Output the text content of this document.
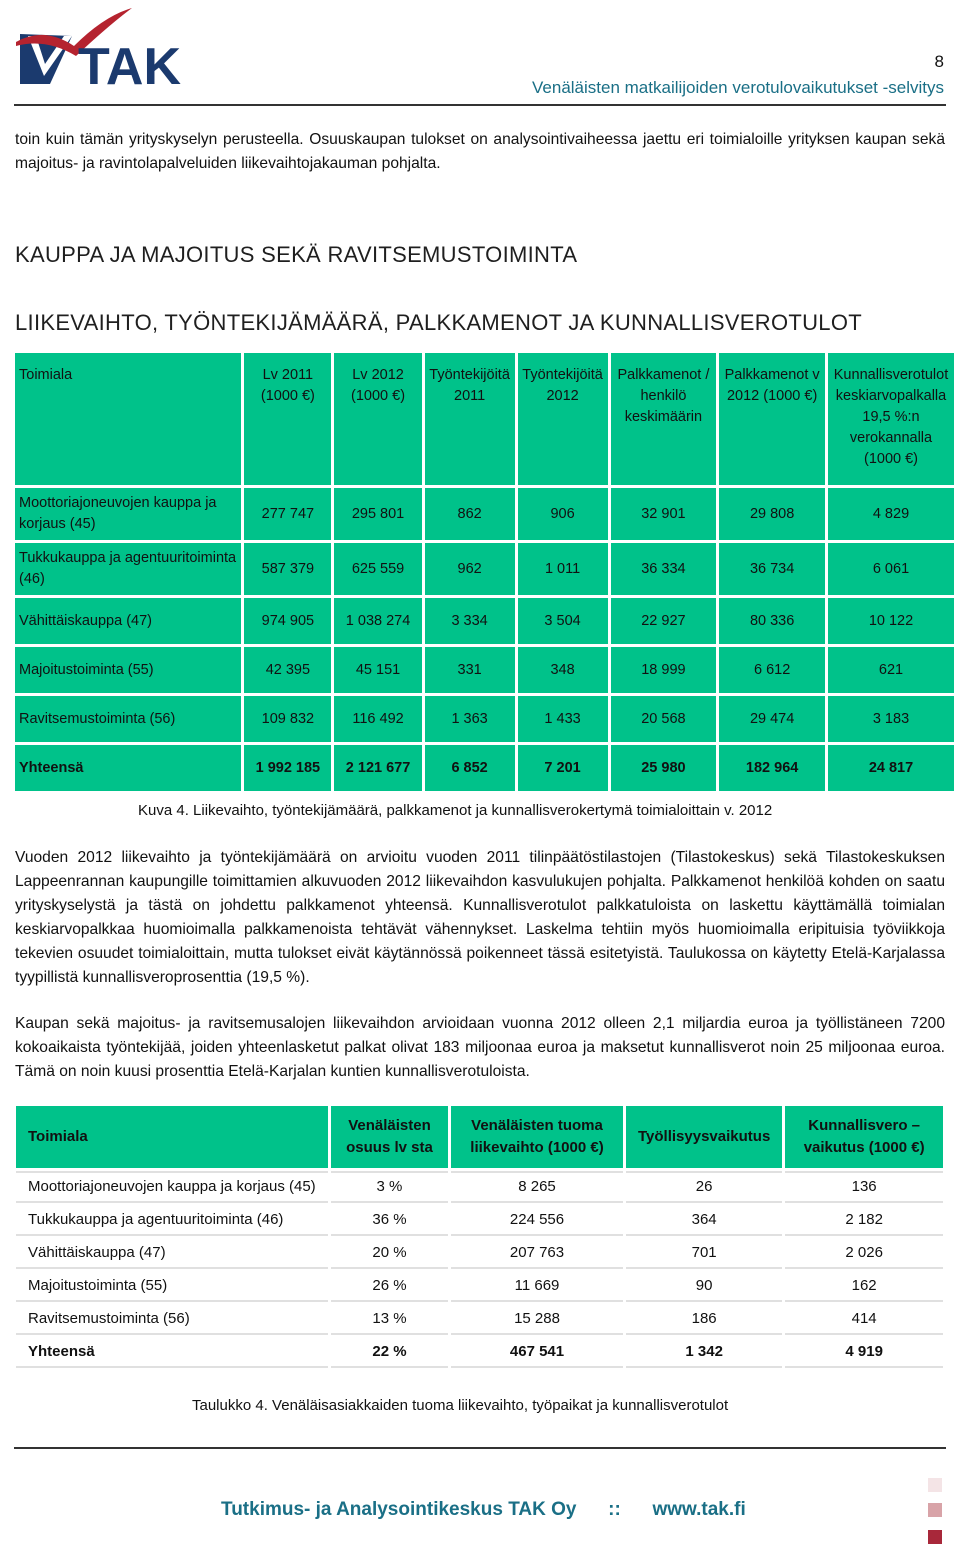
TAK	8
Venäläisten matkailijoiden verotulovaikutukset -selvitys
toin kuin tämän yrityskyselyn perusteella. Osuuskaupan tulokset on analysointivaiheessa jaettu eri toimialoille yrityksen kaupan sekä majoitus- ja ravintolapalveluiden liikevaihtojakauman pohjalta.
KAUPPA JA MAJOITUS SEKÄ RAVITSEMUSTOIMINTA
LIIKEVAIHTO, TYÖNTEKIJÄMÄÄRÄ, PALKKAMENOT JA KUNNALLISVEROTULOT
Toimiala	Lv 2011 (1000 €)	Lv 2012 (1000 €)	Työntekijöitä 2011	Työntekijöitä 2012	Palkkamenot / henkilö keskimäärin	Palkkamenot v 2012 (1000 €)	Kunnallisverotulot keskiarvopalkalla 19,5 %:n verokannalla (1000 €)
Moottoriajoneuvojen kauppa ja korjaus (45)	277 747	295 801	862	906	32 901	29 808	4 829
Tukkukauppa ja agentuuritoiminta (46)	587 379	625 559	962	1 011	36 334	36 734	6 061
Vähittäiskauppa (47)	974 905	1 038 274	3 334	3 504	22 927	80 336	10 122
Majoitustoiminta (55)	42 395	45 151	331	348	18 999	6 612	621
Ravitsemustoiminta (56)	109 832	116 492	1 363	1 433	20 568	29 474	3 183
Yhteensä	1 992 185	2 121 677	6 852	7 201	25 980	182 964	24 817
Kuva 4. Liikevaihto, työntekijämäärä, palkkamenot ja kunnallisverokertymä toimialoittain v. 2012
Vuoden 2012 liikevaihto ja työntekijämäärä on arvioitu vuoden 2011 tilinpäätöstilastojen (Tilastokeskus) sekä Tilastokeskuksen Lappeenrannan kaupungille toimittamien alkuvuoden 2012 liikevaihdon kasvulukujen pohjalta. Palkkamenot henkilöä kohden on saatu yrityskyselystä ja tästä on johdettu palkkamenot yhteensä. Kunnallisverotulot palkkatuloista on laskettu käyttämällä toimialan keskiarvopalkkaa huomioimalla palkkamenoista tehtävät vähennykset. Laskelma tehtiin myös huomioimalla eripituisia työviikkoja tekevien osuudet toimialoittain, mutta tulokset eivät käytännössä poikenneet tässä esitetyistä. Taulukossa on käytetty Etelä-Karjalassa tyypillistä kunnallisveroprosenttia (19,5 %).
Kaupan sekä majoitus- ja ravitsemusalojen liikevaihdon arvioidaan vuonna 2012 olleen 2,1 miljardia euroa ja työllistäneen 7200 kokoaikaista työntekijää, joiden yhteenlasketut palkat olivat 183 miljoonaa euroa ja maksetut kunnallisverot noin 25 miljoonaa euroa. Tämä on noin kuusi prosenttia Etelä-Karjalan kuntien kunnallisverotuloista.
Toimiala	Venäläisten osuus lv sta	Venäläisten tuoma liikevaihto (1000 €)	Työllisyysvaikutus	Kunnallisvero – vaikutus (1000 €)
Moottoriajoneuvojen kauppa ja korjaus (45)	3 %	8 265	26	136
Tukkukauppa ja agentuuritoiminta (46)	36 %	224 556	364	2 182
Vähittäiskauppa (47)	20 %	207 763	701	2 026
Majoitustoiminta (55)	26 %	11 669	90	162
Ravitsemustoiminta (56)	13 %	15 288	186	414
Yhteensä	22 %	467 541	1 342	4 919
Taulukko 4. Venäläisasiakkaiden tuoma liikevaihto, työpaikat ja kunnallisverotulot
Tutkimus- ja Analysointikeskus TAK Oy :: www.tak.fi
